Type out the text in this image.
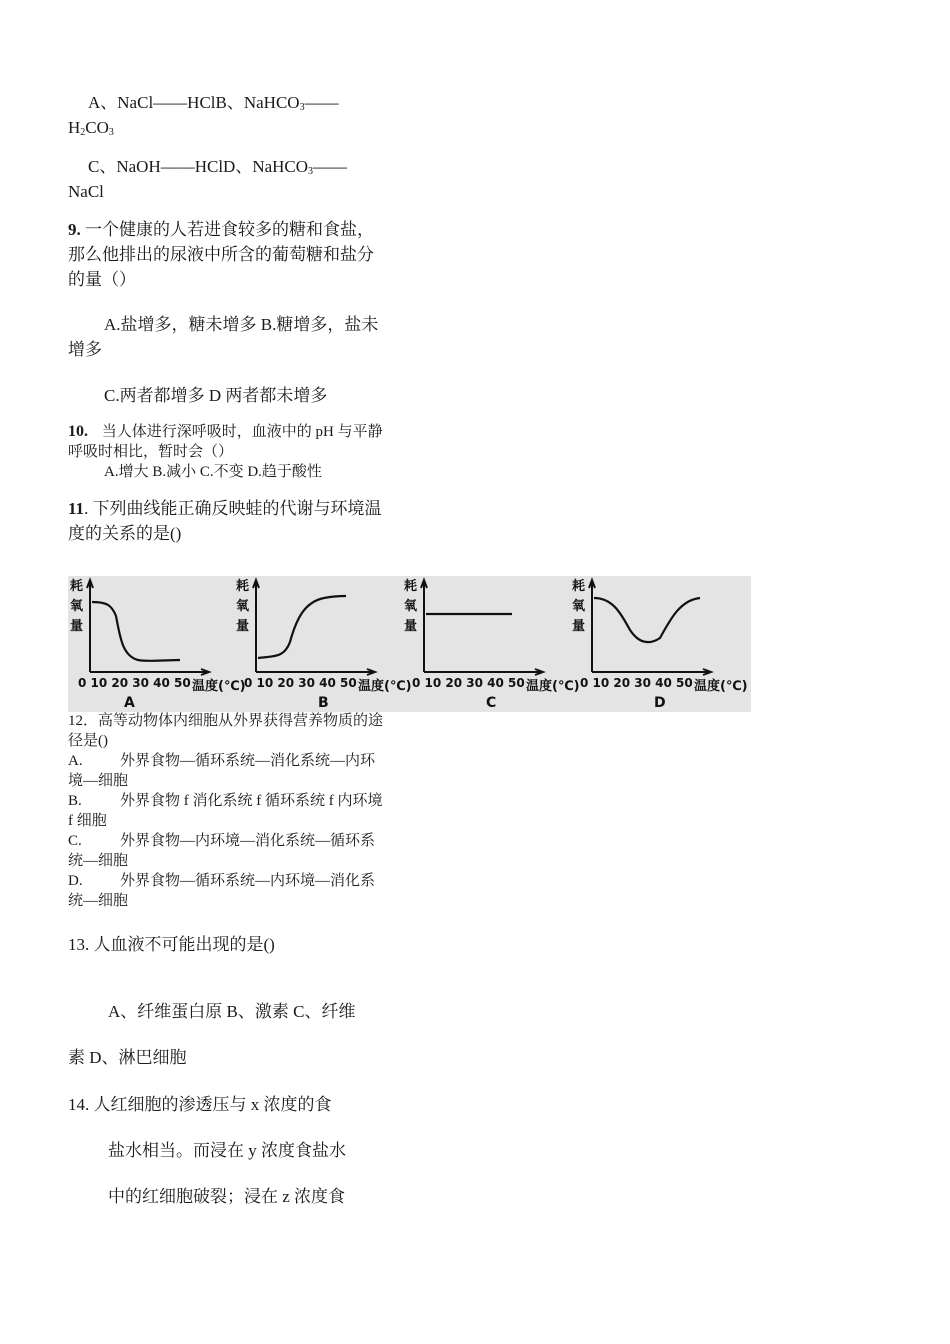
A、NaCl——HClB、NaHCO$_3$——
$H_2CO_3$
C、NaOH——HClD、NaHCO$_3$——
NaCl
9. 一个健康的人若进食较多的糖和食盐，那么他排出的尿液中所含的葡萄糖和盐分的量（）
A.盐增多，糖未增多 B.糖增多，盐未增多
C.两者都增多 D 两者都未增多
10. 当人体进行深呼吸时，血液中的 pH 与平静呼吸时相比，暂时会（）
A.增大 B.减小 C.不变 D.趋于酸性
11. 下列曲线能正确反映蛙的代谢与环境温度的关系的是()
耗
氧
量
0 10 20 30 40 50 温度(℃)
A
耗
氧
量
0 10 20 30 40 50 温度(℃)
B
耗
氧
量
0 10 20 30 40 50 温度(℃)
C
耗
氧
量
0 10 20 30 40 50 温度(℃)
D
12．高等动物体内细胞从外界获得营养物质的途径是()
A. 外界食物—循环系统—消化系统—内环境—细胞
B.	外界食物 f 消化系统 f 循环系统 f 内环境 f 细胞
C.	外界食物—内环境—消化系统—循环系统—细胞
D. 外界食物—循环系统—内环境—消化系统—细胞
13. 人血液不可能出现的是()
A、纤维蛋白原 B、激素 C、纤维
素 D、淋巴细胞
14. 人红细胞的渗透压与 x 浓度的食
盐水相当。而浸在 y 浓度食盐水
中的红细胞破裂；浸在 z 浓度食
